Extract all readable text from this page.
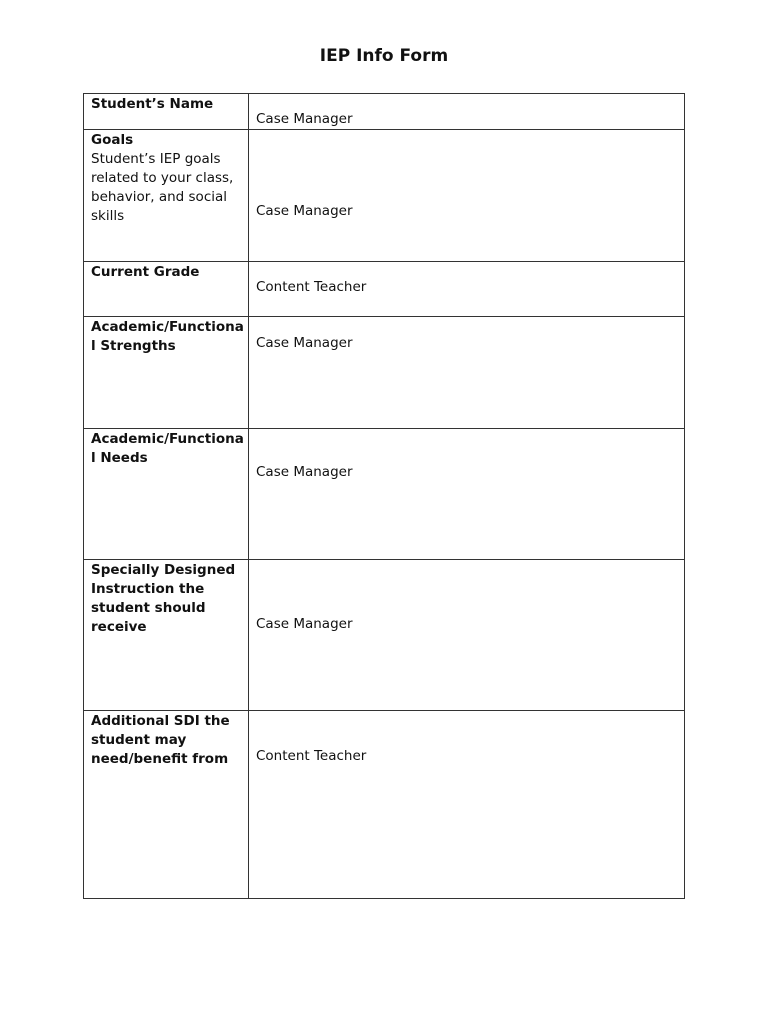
IEP Info Form
Student’s Name	Case Manager

Goals
Student’s IEP goals related to your class, behavior, and social skills	Case Manager

Current Grade	Content Teacher

Academic/Functional Strengths	Case Manager

Academic/Functional Needs	Case Manager

Specially Designed Instruction the student should receive	Case Manager

Additional SDI the student may need/benefit from	Content Teacher
